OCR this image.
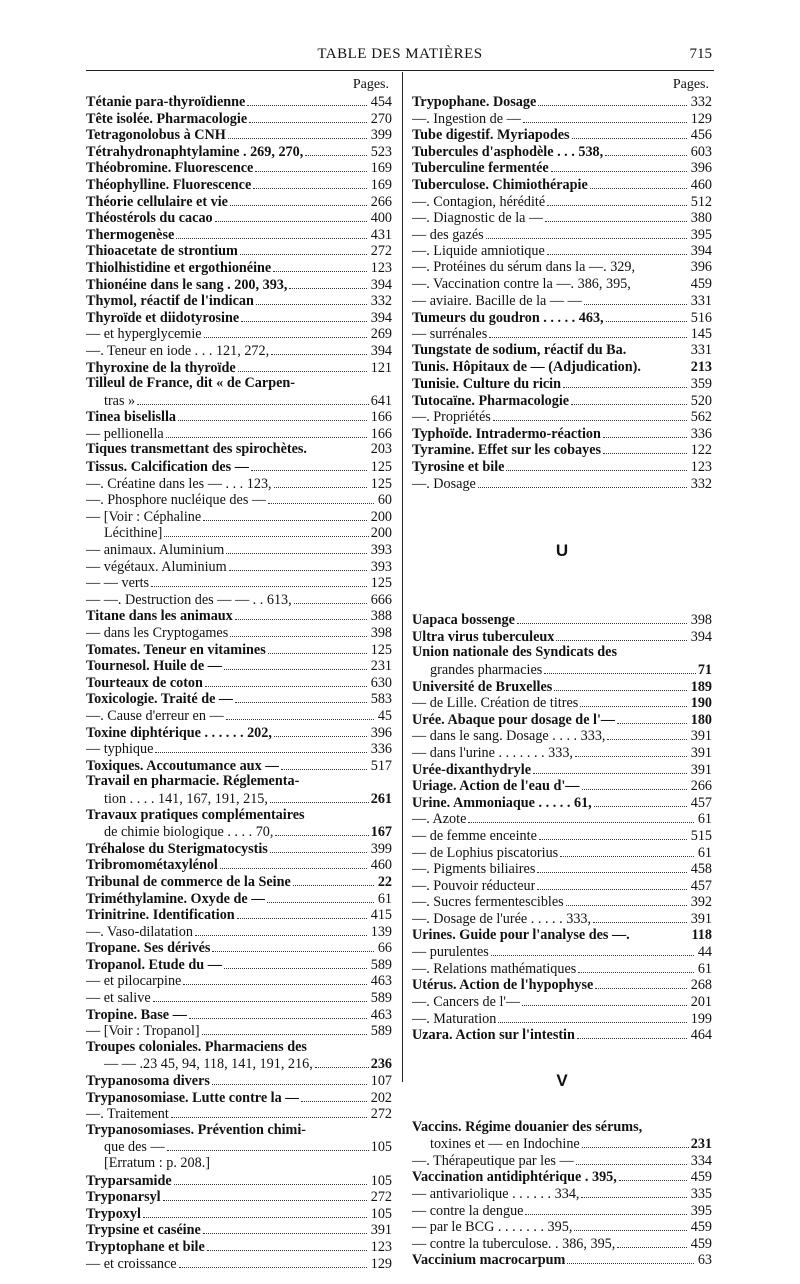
TABLE DES MATIÈRES	715
Pages.
Tétanie para-thyroïdienne	454
Tête isolée. Pharmacologie	270
Tetragonolobus à CNH	399
Tétrahydronaphtylamine . 269, 270,	523
Théobromine. Fluorescence	169
Théophylline. Fluorescence	169
Théorie cellulaire et vie	266
Théostérols du cacao	400
Thermogenèse	431
Thioacetate de strontium	272
Thiolhistidine et ergothionéine	123
Thionéine dans le sang . 200, 393,	394
Thymol, réactif de l'indican	332
Thyroïde et diidotyrosine	394
— et hyperglycemie	269
—. Teneur en iode . . . 121, 272,	394
Thyroxine de la thyroïde	121
Tilleul de France, dit « de Carpen-
tras »	641
Tinea biselislla	166
— pellionella	166
Tiques transmettant des spirochètes.	203
Tissus. Calcification des —	125
—. Créatine dans les — . . . 123,	125
—. Phosphore nucléique des —	60
— [Voir : Céphaline	200
Lécithine]	200
— animaux. Aluminium	393
— végétaux. Aluminium	393
— — verts	125
— —. Destruction des — — . . 613,	666
Titane dans les animaux	388
— dans les Cryptogames	398
Tomates. Teneur en vitamines	125
Tournesol. Huile de —	231
Tourteaux de coton	630
Toxicologie. Traité de —	583
—. Cause d'erreur en —	45
Toxine diphtérique . . . . . . 202,	396
— typhique	336
Toxiques. Accoutumance aux —	517
Travail en pharmacie. Réglementa-
tion . . . . 141, 167, 191, 215,	261
Travaux pratiques complémentaires
de chimie biologique . . . . 70,	167
Tréhalose du Sterigmatocystis	399
Tribromométaxylénol	460
Tribunal de commerce de la Seine	22
Triméthylamine. Oxyde de —	61
Trinitrine. Identification	415
—. Vaso-dilatation	139
Tropane. Ses dérivés	66
Tropanol. Etude du —	589
— et pilocarpine	463
— et salive	589
Tropine. Base —	463
— [Voir : Tropanol]	589
Troupes coloniales. Pharmaciens des
— — .23 45, 94, 118, 141, 191, 216,	236
Trypanosoma divers	107
Trypanosomiase. Lutte contre la —	202
—. Traitement	272
Trypanosomiases. Prévention chimi-
que des —	105
[Erratum : p. 208.]
Tryparsamide	105
Tryponarsyl	272
Trypoxyl	105
Trypsine et caséine	391
Tryptophane et bile	123
— et croissance	129
Pages.
Trypophane. Dosage	332
—. Ingestion de —	129
Tube digestif. Myriapodes	456
Tubercules d'asphodèle . . . 538,	603
Tuberculine fermentée	396
Tuberculose. Chimiothérapie	460
—. Contagion, hérédité	512
—. Diagnostic de la —	380
— des gazés	395
—. Liquide amniotique	394
—. Protéines du sérum dans la —. 329,	396
—. Vaccination contre la —. 386, 395,	459
— aviaire. Bacille de la — —	331
Tumeurs du goudron . . . . . 463,	516
— surrénales	145
Tungstate de sodium, réactif du Ba.	331
Tunis. Hôpitaux de — (Adjudication).	213
Tunisie. Culture du ricin	359
Tutocaïne. Pharmacologie	520
—. Propriétés	562
Typhoïde. Intradermo-réaction	336
Tyramine. Effet sur les cobayes	122
Tyrosine et bile	123
—. Dosage	332
U
Uapaca bossenge	398
Ultra virus tuberculeux	394
Union nationale des Syndicats des
grandes pharmacies	71
Université de Bruxelles	189
— de Lille. Création de titres	190
Urée. Abaque pour dosage de l'—	180
— dans le sang. Dosage . . . . 333,	391
— dans l'urine . . . . . . . 333,	391
Urée-dixanthydryle	391
Uriage. Action de l'eau d'—	266
Urine. Ammoniaque . . . . . 61,	457
—. Azote	61
— de femme enceinte	515
— de Lophius piscatorius	61
—. Pigments biliaires	458
—. Pouvoir réducteur	457
—. Sucres fermentescibles	392
—. Dosage de l'urée . . . . . 333,	391
Urines. Guide pour l'analyse des —.	118
— purulentes	44
—. Relations mathématiques	61
Utérus. Action de l'hypophyse	268
—. Cancers de l'—	201
—. Maturation	199
Uzara. Action sur l'intestin	464
V
Vaccins. Régime douanier des sérums,
toxines et — en Indochine	231
—. Thérapeutique par les —	334
Vaccination antidiphtérique . 395,	459
— antivariolique . . . . . . 334,	335
— contre la dengue	395
— par le BCG . . . . . . . 395,	459
— contre la tuberculose. . 386, 395,	459
Vaccinium macrocarpum	63
